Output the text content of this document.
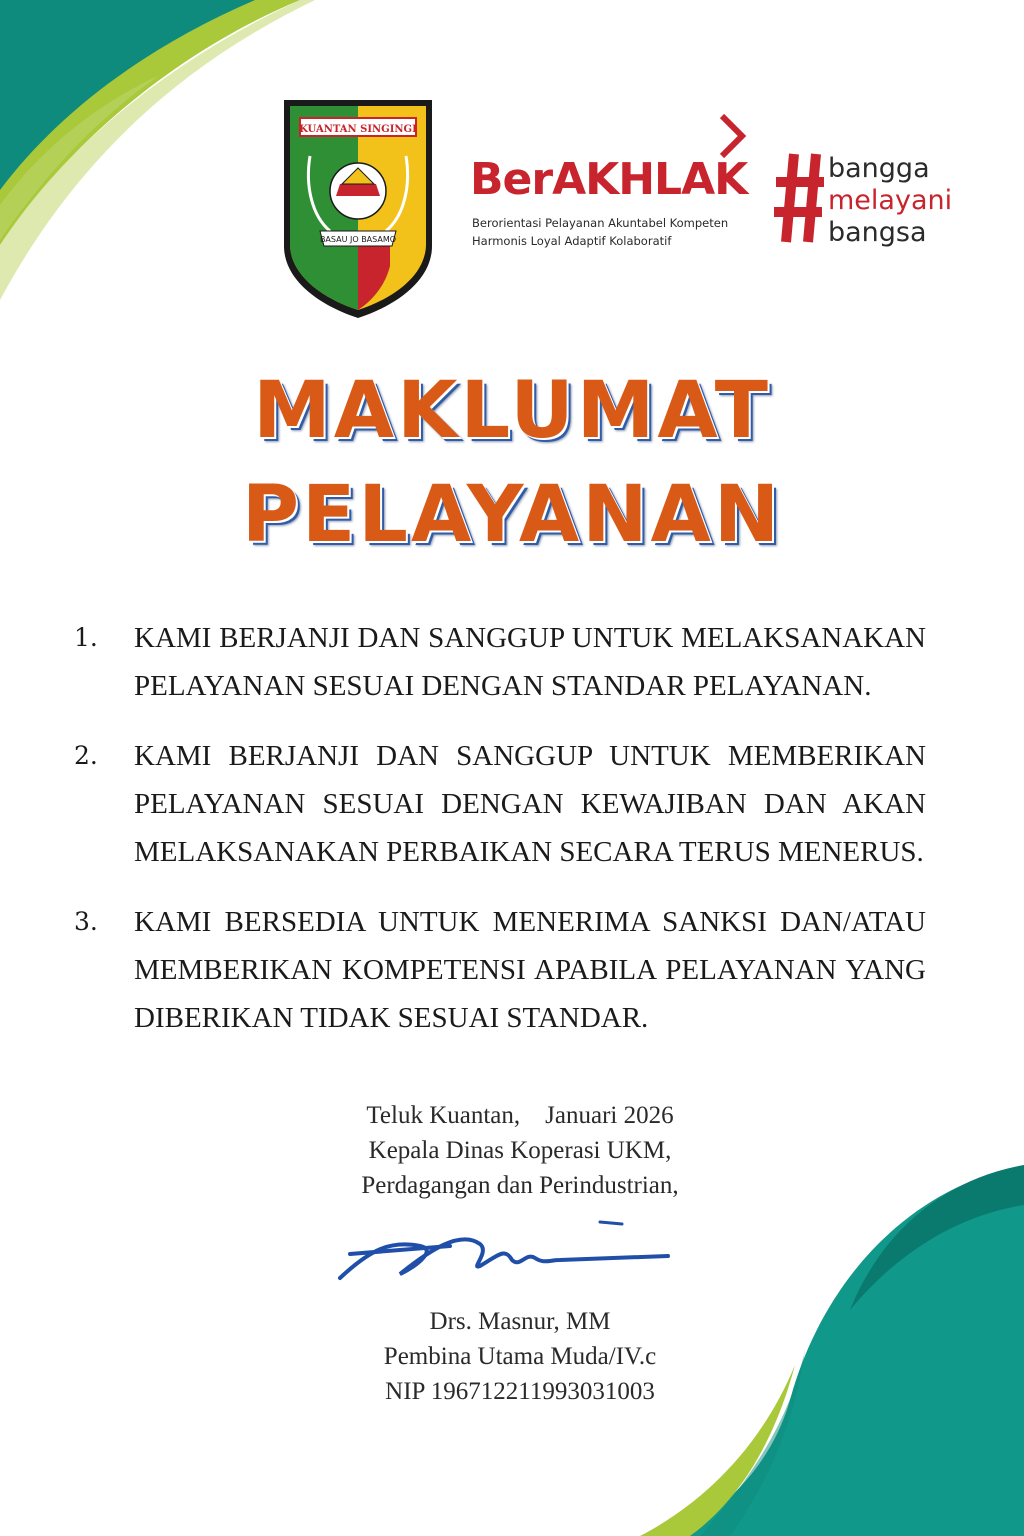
KUANTAN SINGINGI
BASAU JO BASAMO
BerAKHLAK
Berorientasi Pelayanan Akuntabel Kompeten
Harmonis Loyal Adaptif Kolaboratif
bangga
melayani
bangsa
MAKLUMAT
PELAYANAN
1. KAMI BERJANJI DAN SANGGUP UNTUK MELAKSANAKAN PELAYANAN SESUAI DENGAN STANDAR PELAYANAN.
2. KAMI BERJANJI DAN SANGGUP UNTUK MEMBERIKAN PELAYANAN SESUAI DENGAN KEWAJIBAN DAN AKAN MELAKSANAKAN PERBAIKAN SECARA TERUS MENERUS.
3. KAMI BERSEDIA UNTUK MENERIMA SANKSI DAN/ATAU MEMBERIKAN KOMPETENSI APABILA PELAYANAN YANG DIBERIKAN TIDAK SESUAI STANDAR.
Teluk Kuantan,    Januari 2026
Kepala Dinas Koperasi UKM,
Perdagangan dan Perindustrian,
Drs. Masnur, MM
Pembina Utama Muda/IV.c
NIP 196712211993031003
